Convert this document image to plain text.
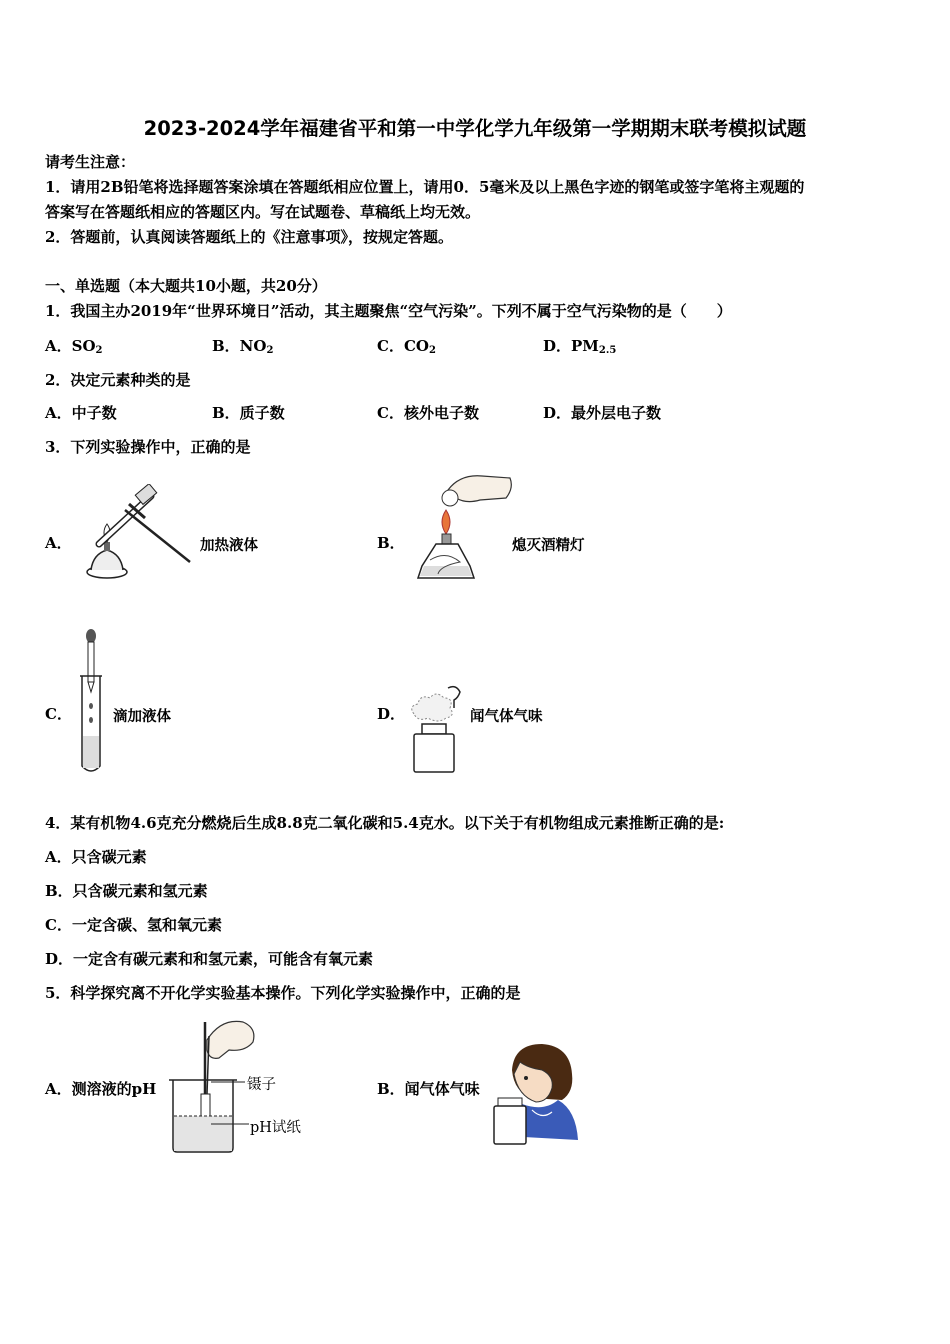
2023-2024学年福建省平和第一中学化学九年级第一学期期末联考模拟试题
请考生注意：
1．请用2B铅笔将选择题答案涂填在答题纸相应位置上，请用0．5毫米及以上黑色字迹的钢笔或签字笔将主观题的
答案写在答题纸相应的答题区内。写在试题卷、草稿纸上均无效。
2．答题前，认真阅读答题纸上的《注意事项》，按规定答题。
一、单选题（本大题共10小题，共20分）
1．我国主办2019年“世界环境日”活动，其主题聚焦“空气污染”。下列不属于空气污染物的是（　　）
A．$SO_2$	B．$NO_2$	C．$CO_2$	D．$PM_{2.5}$
2．决定元素种类的是
A．中子数	B．质子数	C．核外电子数	D．最外层电子数
3．下列实验操作中，正确的是
A．	加热液体	B．	熄灭酒精灯
C．	滴加液体	D．	闻气体气味
4．某有机物4.6克充分燃烧后生成8.8克二氧化碳和5.4克水。以下关于有机物组成元素推断正确的是:
A．只含碳元素
B．只含碳元素和氢元素
C．一定含碳、氢和氧元素
D．一定含有碳元素和和氢元素，可能含有氧元素
5．科学探究离不开化学实验基本操作。下列化学实验操作中，正确的是
A．测溶液的pH	镊子
pH试纸
B．闻气体气味
